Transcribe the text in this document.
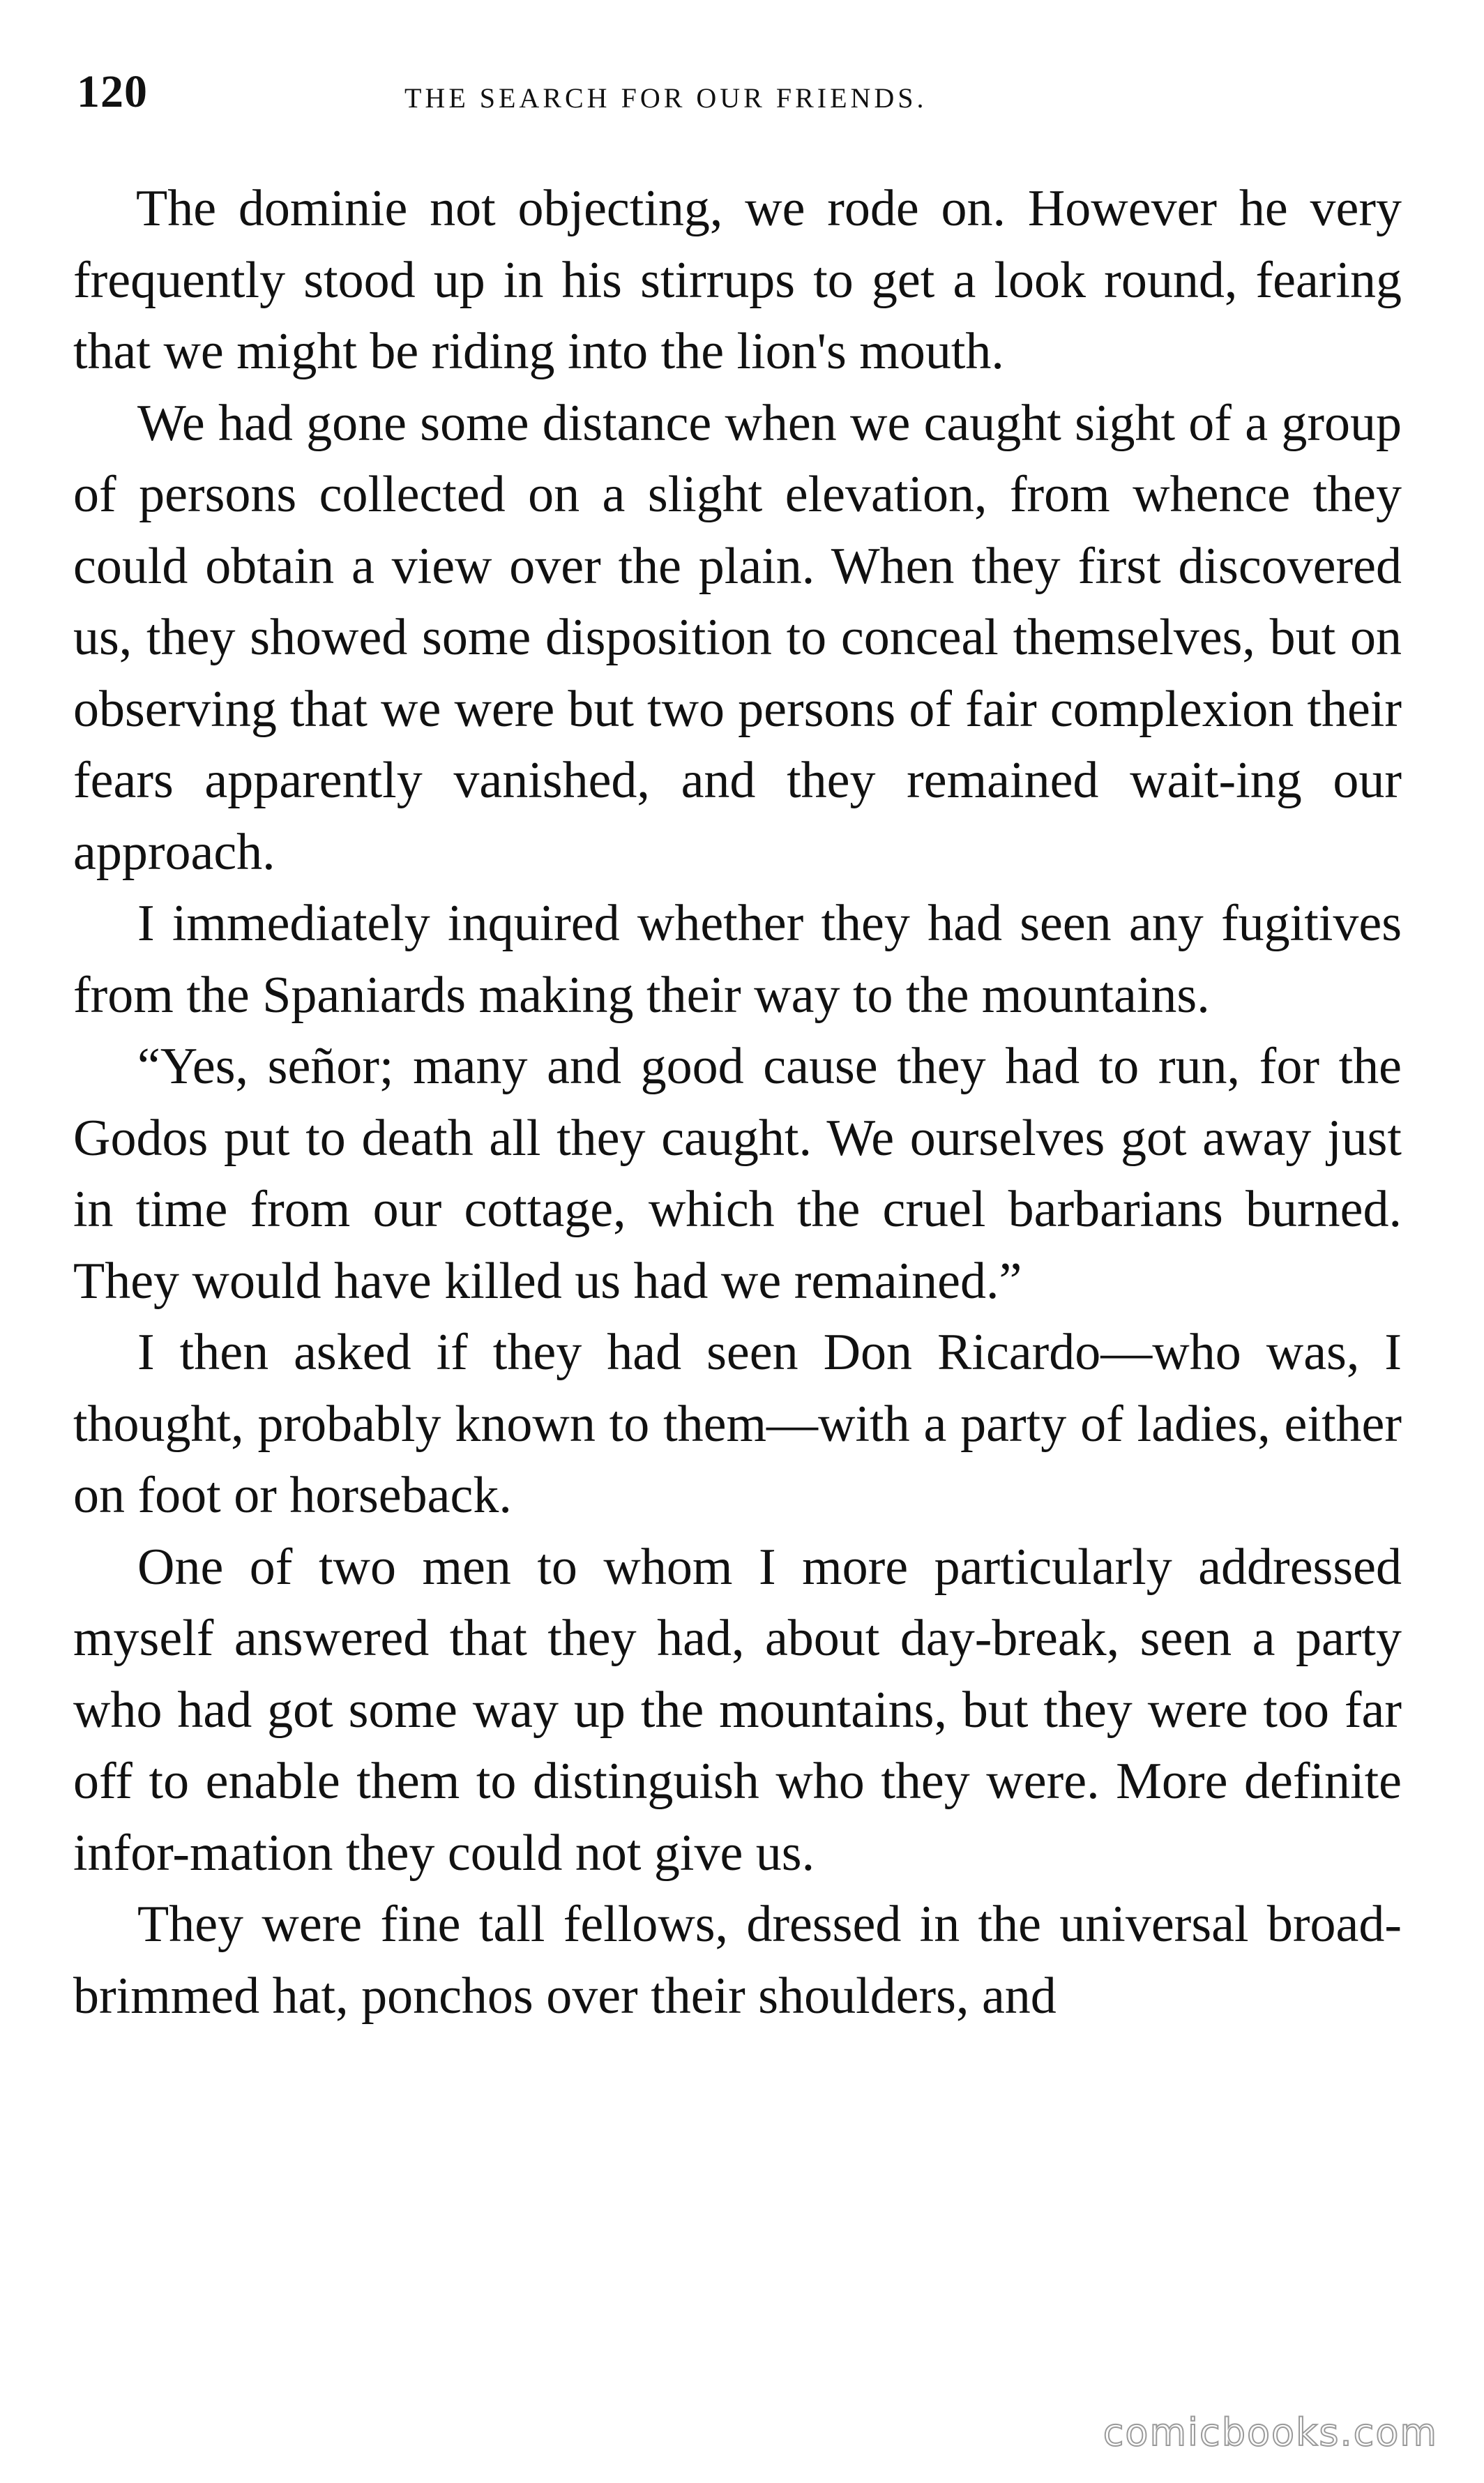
120	THE SEARCH FOR OUR FRIENDS.

The dominie not objecting, we rode on. However he very frequently stood up in his stirrups to get a look round, fearing that we might be riding into the lion's mouth.

We had gone some distance when we caught sight of a group of persons collected on a slight elevation, from whence they could obtain a view over the plain. When they first discovered us, they showed some disposition to conceal themselves, but on observing that we were but two persons of fair complexion their fears apparently vanished, and they remained wait-ing our approach.

I immediately inquired whether they had seen any fugitives from the Spaniards making their way to the mountains.

“Yes, señor; many and good cause they had to run, for the Godos put to death all they caught. We ourselves got away just in time from our cottage, which the cruel barbarians burned. They would have killed us had we remained.”

I then asked if they had seen Don Ricardo—who was, I thought, probably known to them—with a party of ladies, either on foot or horseback.

One of two men to whom I more particularly addressed myself answered that they had, about day-break, seen a party who had got some way up the mountains, but they were too far off to enable them to distinguish who they were. More definite infor-mation they could not give us.

They were fine tall fellows, dressed in the universal broad-brimmed hat, ponchos over their shoulders, and

comicbooks.com
